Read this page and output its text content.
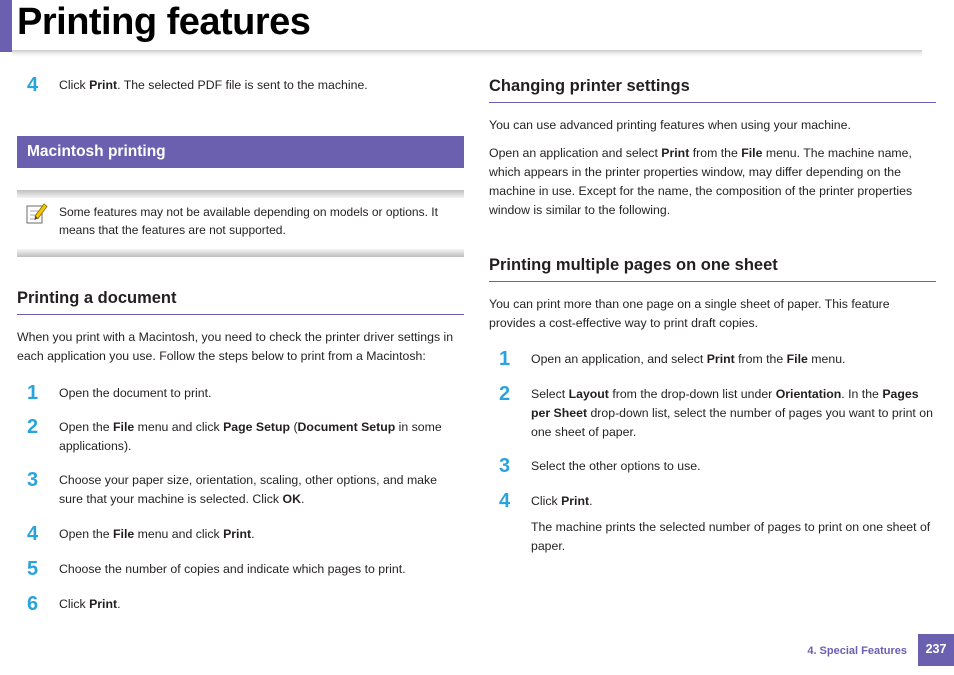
Printing features
4 Click Print. The selected PDF file is sent to the machine.
Macintosh printing
Some features may not be available depending on models or options. It means that the features are not supported.
Printing a document
When you print with a Macintosh, you need to check the printer driver settings in each application you use. Follow the steps below to print from a Macintosh:
1 Open the document to print.
2 Open the File menu and click Page Setup (Document Setup in some applications).
3 Choose your paper size, orientation, scaling, other options, and make sure that your machine is selected. Click OK.
4 Open the File menu and click Print.
5 Choose the number of copies and indicate which pages to print.
6 Click Print.
Changing printer settings
You can use advanced printing features when using your machine.
Open an application and select Print from the File menu. The machine name, which appears in the printer properties window, may differ depending on the machine in use. Except for the name, the composition of the printer properties window is similar to the following.
Printing multiple pages on one sheet
You can print more than one page on a single sheet of paper. This feature provides a cost-effective way to print draft copies.
1 Open an application, and select Print from the File menu.
2 Select Layout from the drop-down list under Orientation. In the Pages per Sheet drop-down list, select the number of pages you want to print on one sheet of paper.
3 Select the other options to use.
4 Click Print.
The machine prints the selected number of pages to print on one sheet of paper.
4. Special Features	237
